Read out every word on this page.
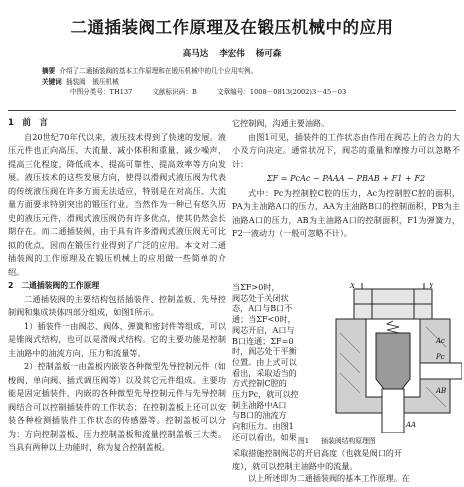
二通插装阀工作原理及在锻压机械中的应用
高马达 李宏伟 杨可森
摘要 介绍了二通插装阀的基本工作原理和在锻压机械中的几个应用实例。
关键词 插装阀　锻压机械
中图分类号：TH137	文献标识码：B	文章编号：1008－0813(2002)3－45－03

1　前　言

自20世纪70年代以来，液压技术得到了快速的发展。液压元件也正向高压、大流量、减小体积和重量、减少噪声、提高三化程度、降低成本、提高可靠性、提高效率等方向发展。液压技术的这些发展方向，使得以滑阀式液压阀为代表的传统液压阀在许多方面无法适应，特别是在对高压、大流量方面要求特别突出的锻压行业。当然作为一种已有悠久历史的液压元件，滑阀式液压阀仍有许多优点，使其仍然会长期存在。而二通插装阀，由于具有许多滑阀式液压阀无可比拟的优点，因而在锻压行业得到了广泛的应用。本文对二通插装阀的工作原理及在锻压机械上的应用做一些简单的介绍。

2　二通插装阀的工作原理

二通插装阀的主要结构包括插装件、控制盖板、先导控制阀和集成块体四部分组成，如图1所示。

1）插装件一由阀芯、阀体、弹簧和密封件等组成，可以是锥阀式结构，也可以是滑阀式结构。它的主要功能是控制主油路中的油流方向、压力和流量等。

2）控制盖板一由盖板内嵌装各种微型先导控制元件（如梭阀、单向阀、插式调压阀等）以及其它元件组成。主要功能是固定插装件，内嵌的各种微型先导控制元件与先导控制阀结合可以控制插装件的工作状态；在控制盖板上还可以安装各种检测插装件工作状态的传感器等。控制盖板可以分为：方向控制盖板、压力控制盖板和流量控制盖板三大类。当具有两种以上功能时，称为复合控制盖板。

它控制阀，沟通主要油路。

由图1可见，插装件的工作状态由作用在阀芯上的合力的大小及方向决定。通常状况下，阀芯的重量和摩擦力可以忽略不计：

ΣF = PcAc − PAAA − PBAB + F1 + F2

式中：Pc为控制腔C腔的压力，Ac为控制腔C腔的面积，PA为主油路A口的压力，AA为主油路B口的控制面积，PB为主油路A口的压力，AB为主油路A口的控制面积，F1为弹簧力，F2一液动力（一般可忽略不计）。

当ΣF>0时，

阀芯处于关闭状

态，A口与B口不

通；当ΣF<0时，

阀芯开启，A口与

B口连通；ΣF=0

时，阀芯处于平衡

位置。由上式可以

看出，采取适当的

方式控制C腔的

压力Pc，就可以控

制主油路中A口

与B口的油流方

向和压力。由图1

还可以看出，如果

X	Y
Ac
Pc
AB
AA
图1 插装阀结构原理图

采取措施控制阀芯的开启高度（也就是阀口的开

度），就可以控制主油路中的流量。

以上所述即为二通插装阀的基本工作原理。在
